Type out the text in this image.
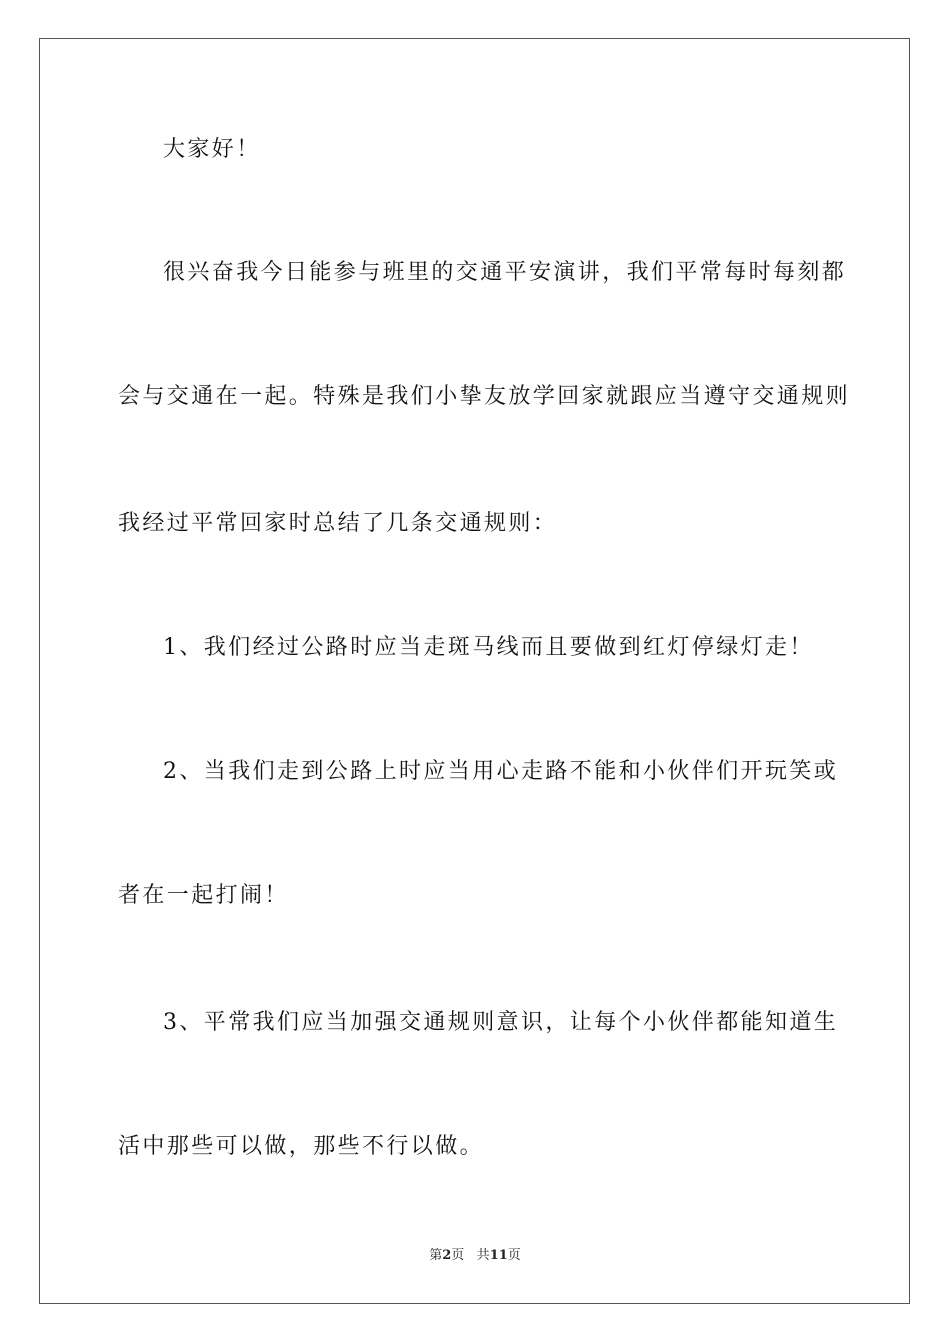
大家好！

很兴奋我今日能参与班里的交通平安演讲，我们平常每时每刻都

会与交通在一起。特殊是我们小挚友放学回家就跟应当遵守交通规则

我经过平常回家时总结了几条交通规则：

1、我们经过公路时应当走斑马线而且要做到红灯停绿灯走！

2、当我们走到公路上时应当用心走路不能和小伙伴们开玩笑或

者在一起打闹！

3、平常我们应当加强交通规则意识，让每个小伙伴都能知道生

活中那些可以做，那些不行以做。

第2页 共11页
